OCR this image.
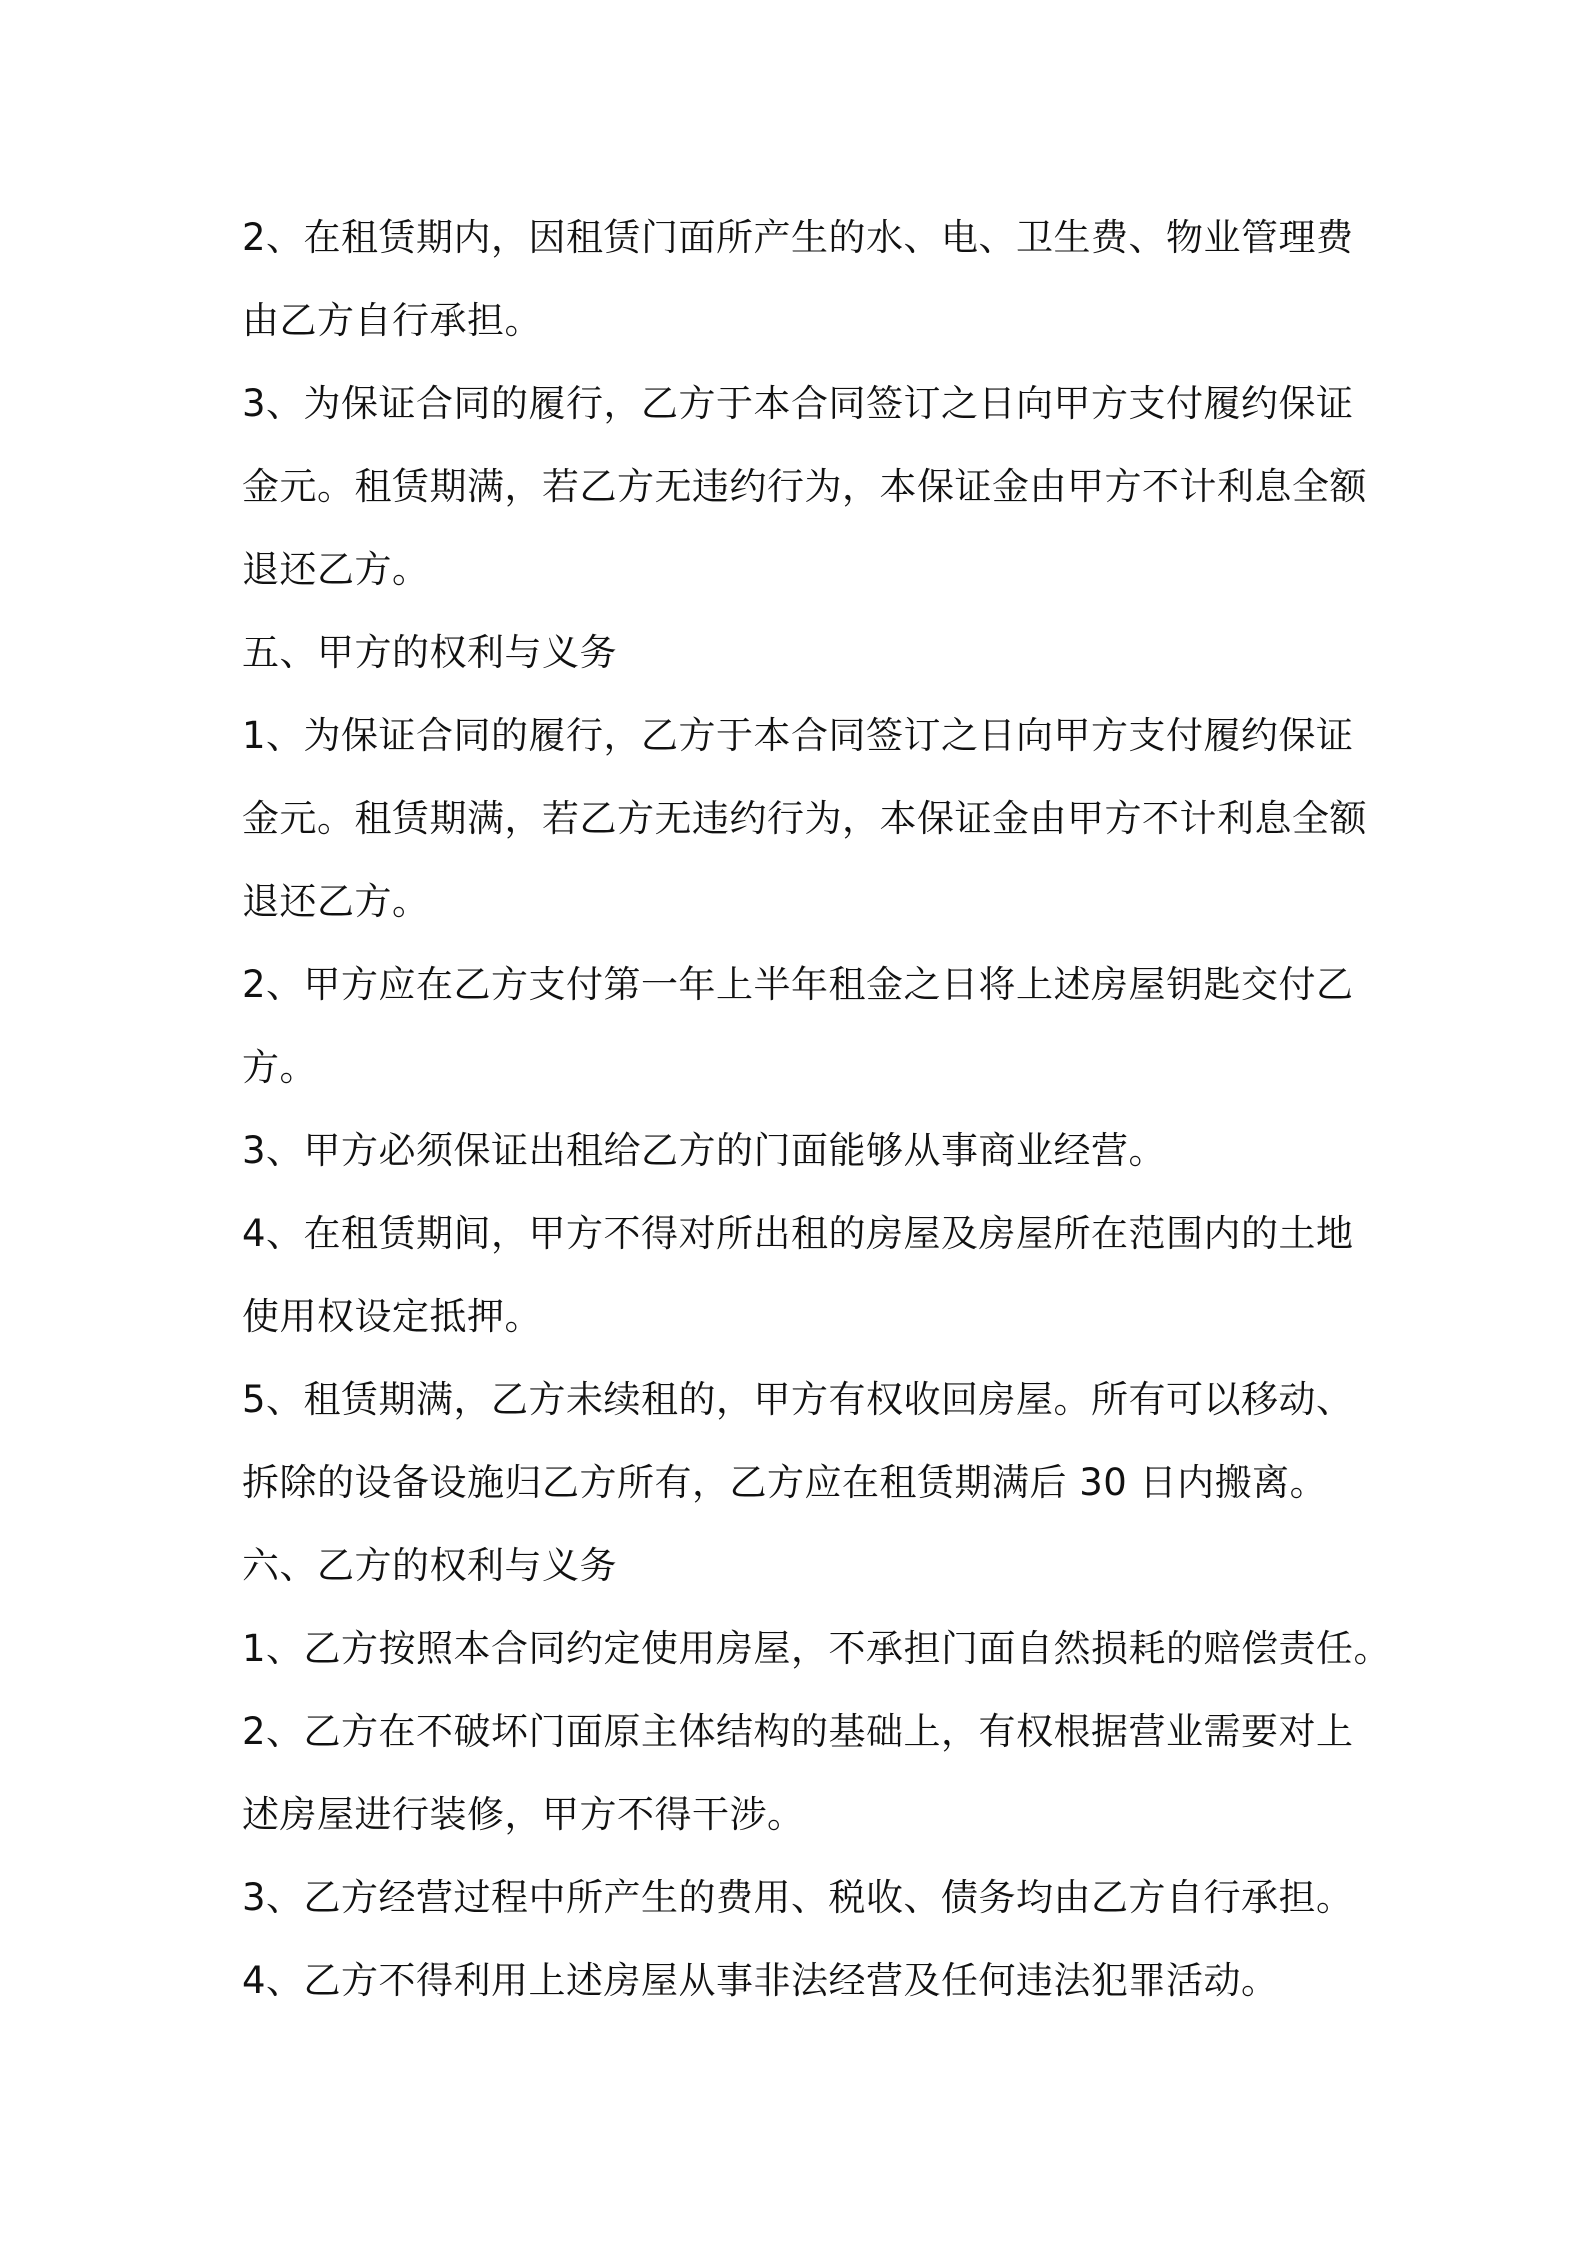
2、在租赁期内，因租赁门面所产生的水、电、卫生费、物业管理费
由乙方自行承担。
3、为保证合同的履行，乙方于本合同签订之日向甲方支付履约保证
金元。租赁期满，若乙方无违约行为，本保证金由甲方不计利息全额
退还乙方。
五、甲方的权利与义务
1、为保证合同的履行，乙方于本合同签订之日向甲方支付履约保证
金元。租赁期满，若乙方无违约行为，本保证金由甲方不计利息全额
退还乙方。
2、甲方应在乙方支付第一年上半年租金之日将上述房屋钥匙交付乙
方。
3、甲方必须保证出租给乙方的门面能够从事商业经营。
4、在租赁期间，甲方不得对所出租的房屋及房屋所在范围内的土地
使用权设定抵押。
5、租赁期满，乙方未续租的，甲方有权收回房屋。所有可以移动、
拆除的设备设施归乙方所有，乙方应在租赁期满后 30 日内搬离。
六、乙方的权利与义务
1、乙方按照本合同约定使用房屋，不承担门面自然损耗的赔偿责任。
2、乙方在不破坏门面原主体结构的基础上，有权根据营业需要对上
述房屋进行装修，甲方不得干涉。
3、乙方经营过程中所产生的费用、税收、债务均由乙方自行承担。
4、乙方不得利用上述房屋从事非法经营及任何违法犯罪活动。
